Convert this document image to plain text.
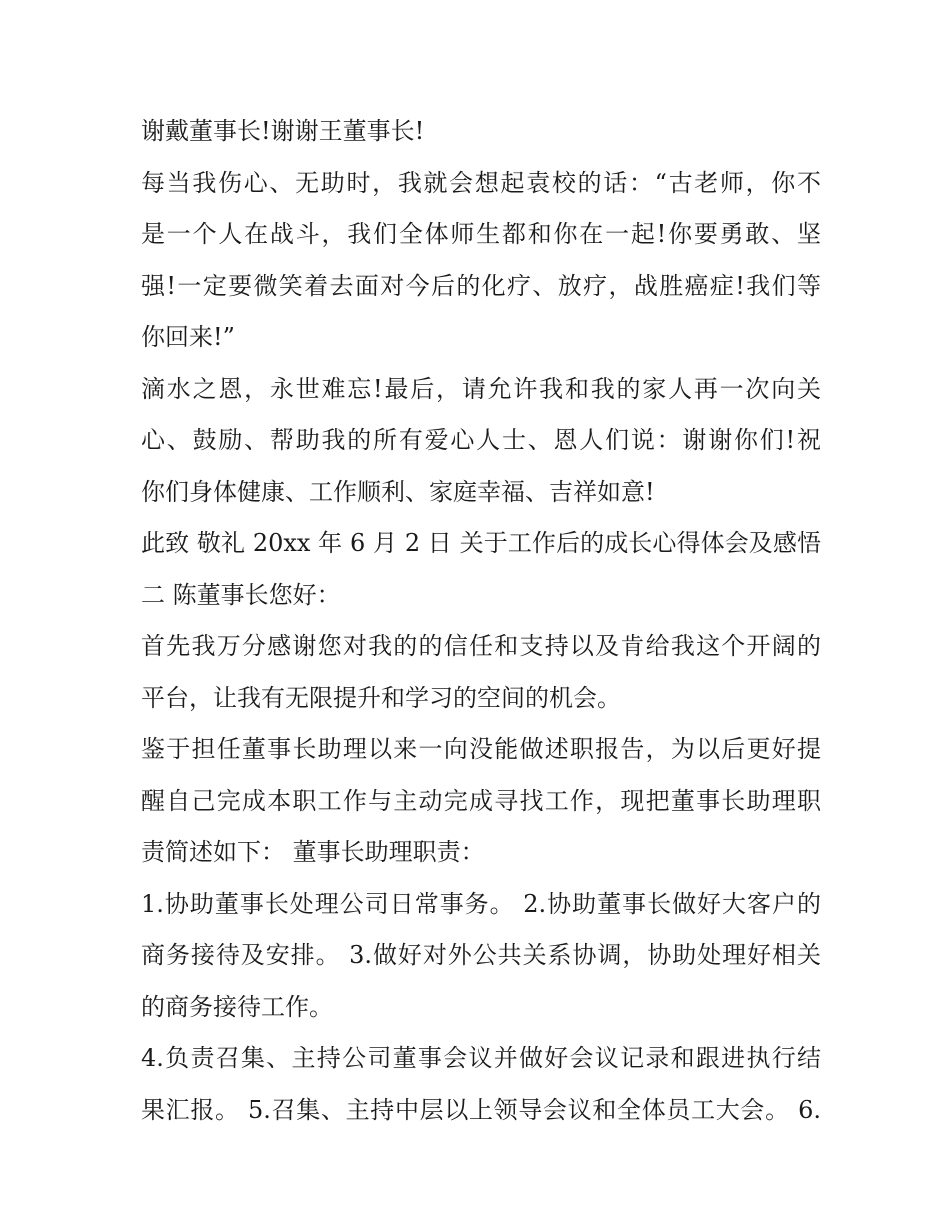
谢戴董事长!谢谢王董事长!
每当我伤心、无助时，我就会想起袁校的话：“古老师，你不
是一个人在战斗，我们全体师生都和你在一起!你要勇敢、坚
强!一定要微笑着去面对今后的化疗、放疗，战胜癌症!我们等
你回来!”
滴水之恩，永世难忘!最后，请允许我和我的家人再一次向关
心、鼓励、帮助我的所有爱心人士、恩人们说：谢谢你们!祝
你们身体健康、工作顺利、家庭幸福、吉祥如意!
此致 敬礼 20xx 年 6 月 2 日 关于工作后的成长心得体会及感悟
二 陈董事长您好：
首先我万分感谢您对我的的信任和支持以及肯给我这个开阔的
平台，让我有无限提升和学习的空间的机会。
鉴于担任董事长助理以来一向没能做述职报告，为以后更好提
醒自己完成本职工作与主动完成寻找工作，现把董事长助理职
责简述如下： 董事长助理职责：
1.协助董事长处理公司日常事务。 2.协助董事长做好大客户的
商务接待及安排。 3.做好对外公共关系协调，协助处理好相关
的商务接待工作。
4.负责召集、主持公司董事会议并做好会议记录和跟进执行结
果汇报。 5.召集、主持中层以上领导会议和全体员工大会。 6.
